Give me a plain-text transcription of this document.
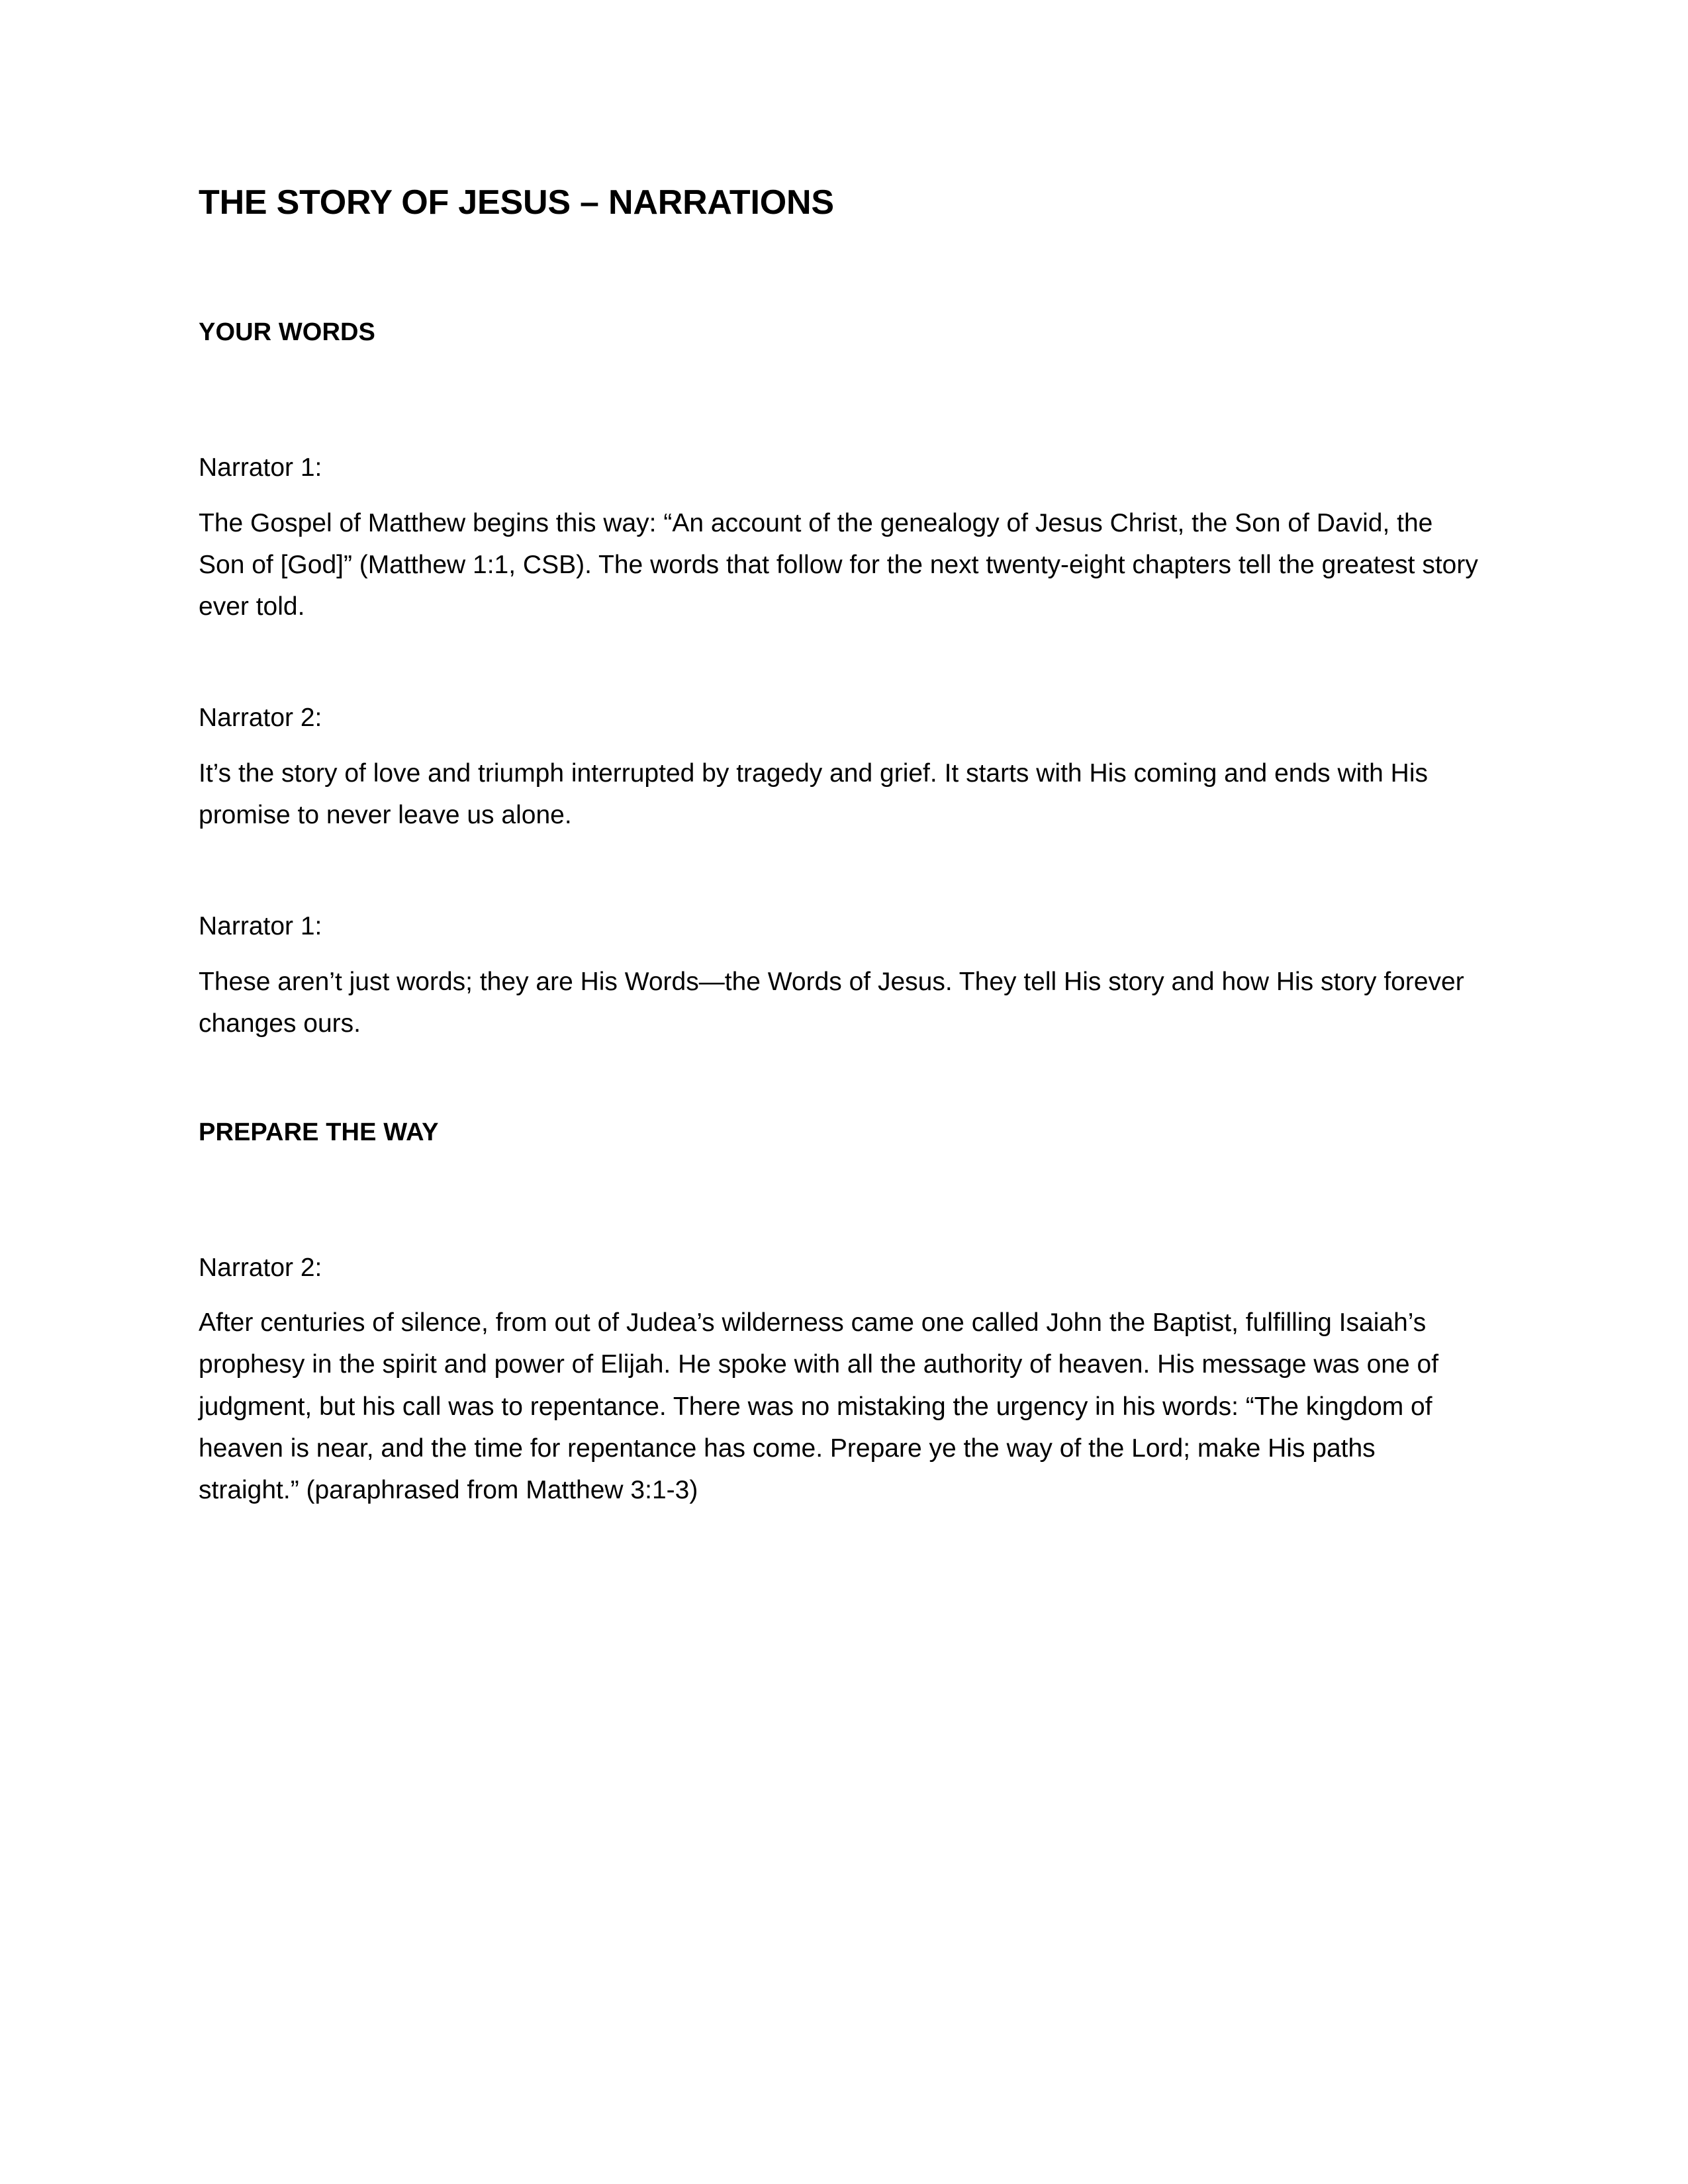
THE STORY OF JESUS – NARRATIONS
YOUR WORDS

Narrator 1:

The Gospel of Matthew begins this way: “An account of the genealogy of Jesus Christ, the Son of David, the Son of [God]” (Matthew 1:1, CSB). The words that follow for the next twenty-eight chapters tell the greatest story ever told.

Narrator 2:

It’s the story of love and triumph interrupted by tragedy and grief. It starts with His coming and ends with His promise to never leave us alone.

Narrator 1:

These aren’t just words; they are His Words—the Words of Jesus. They tell His story and how His story forever changes ours.

PREPARE THE WAY

Narrator 2:

After centuries of silence, from out of Judea’s wilderness came one called John the Baptist, fulfilling Isaiah’s prophesy in the spirit and power of Elijah. He spoke with all the authority of heaven. His message was one of judgment, but his call was to repentance. There was no mistaking the urgency in his words: “The kingdom of heaven is near, and the time for repentance has come. Prepare ye the way of the Lord; make His paths straight.” (paraphrased from Matthew 3:1-3)
